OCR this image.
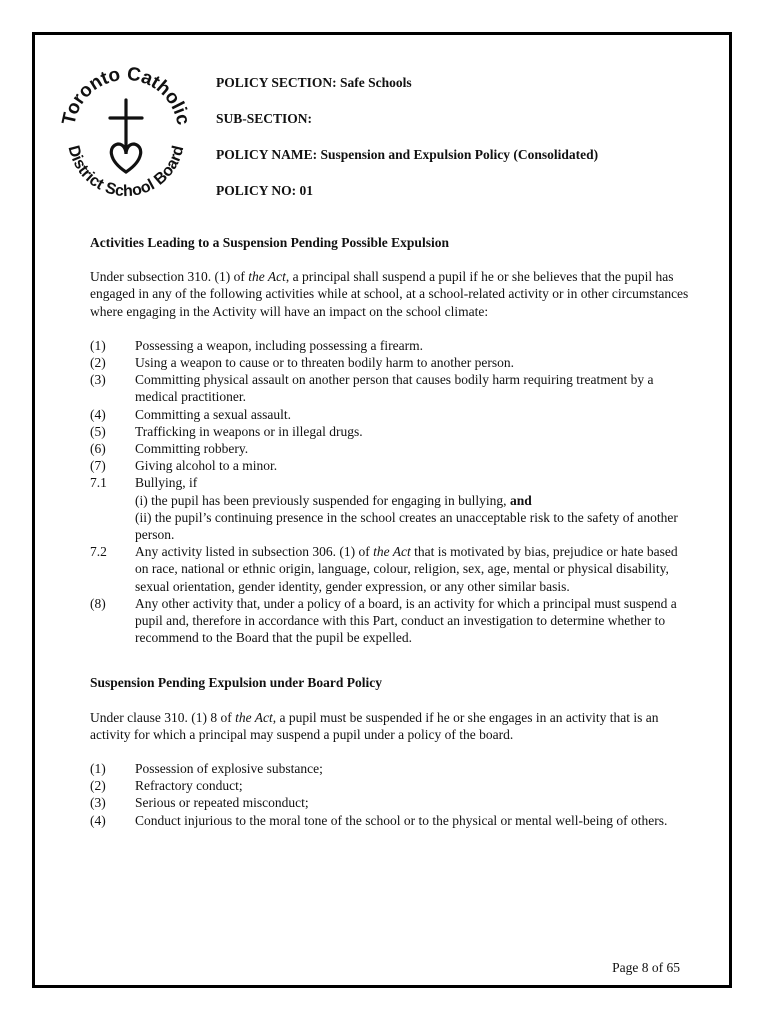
Toronto Catholic
District School Board
POLICY SECTION: Safe Schools
SUB-SECTION:
POLICY NAME: Suspension and Expulsion Policy (Consolidated)
POLICY NO: 01

Activities Leading to a Suspension Pending Possible Expulsion

Under subsection 310. (1) of the Act, a principal shall suspend a pupil if he or she believes that the pupil has engaged in any of the following activities while at school, at a school-related activity or in other circumstances where engaging in the Activity will have an impact on the school climate:

(1)	Possessing a weapon, including possessing a firearm.
(2)	Using a weapon to cause or to threaten bodily harm to another person.
(3)	Committing physical assault on another person that causes bodily harm requiring treatment by a medical practitioner.
(4)	Committing a sexual assault.
(5)	Trafficking in weapons or in illegal drugs.
(6)	Committing robbery.
(7)	Giving alcohol to a minor.
7.1	Bullying, if
(i) the pupil has been previously suspended for engaging in bullying, and
(ii) the pupil’s continuing presence in the school creates an unacceptable risk to the safety of another person.
7.2	Any activity listed in subsection 306. (1) of the Act that is motivated by bias, prejudice or hate based on race, national or ethnic origin, language, colour, religion, sex, age, mental or physical disability, sexual orientation, gender identity, gender expression, or any other similar basis.
(8)	Any other activity that, under a policy of a board, is an activity for which a principal must suspend a pupil and, therefore in accordance with this Part, conduct an investigation to determine whether to recommend to the Board that the pupil be expelled.

Suspension Pending Expulsion under Board Policy

Under clause 310. (1) 8 of the Act, a pupil must be suspended if he or she engages in an activity that is an activity for which a principal may suspend a pupil under a policy of the board.

(1)	Possession of explosive substance;
(2)	Refractory conduct;
(3)	Serious or repeated misconduct;
(4)	Conduct injurious to the moral tone of the school or to the physical or mental well-being of others.
Page 8 of 65
